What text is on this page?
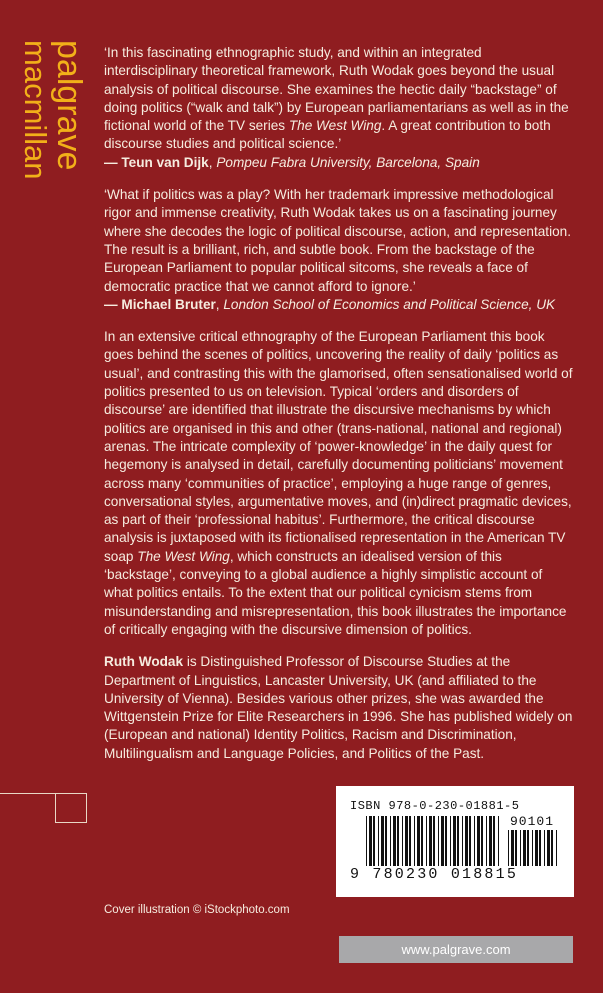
palgrave
macmillan	‘In this fascinating ethnographic study, and within an integrated interdisciplinary theoretical framework, Ruth Wodak goes beyond the usual analysis of political discourse. She examines the hectic daily “backstage” of doing politics (“walk and talk”) by European parliamentarians as well as in the fictional world of the TV series The West Wing. A great contribution to both discourse studies and political science.’
— Teun van Dijk, Pompeu Fabra University, Barcelona, Spain

‘What if politics was a play? With her trademark impressive methodological rigor and immense creativity, Ruth Wodak takes us on a fascinating journey where she decodes the logic of political discourse, action, and representation. The result is a brilliant, rich, and subtle book. From the backstage of the European Parliament to popular political sitcoms, she reveals a face of democratic practice that we cannot afford to ignore.’
— Michael Bruter, London School of Economics and Political Science, UK

In an extensive critical ethnography of the European Parliament this book goes behind the scenes of politics, uncovering the reality of daily ‘politics as usual’, and contrasting this with the glamorised, often sensationalised world of politics presented to us on television. Typical ‘orders and disorders of discourse’ are identified that illustrate the discursive mechanisms by which politics are organised in this and other (trans-national, national and regional) arenas. The intricate complexity of ‘power-knowledge’ in the daily quest for hegemony is analysed in detail, carefully documenting politicians’ movement across many ‘communities of practice’, employing a huge range of genres, conversational styles, argumentative moves, and (in)direct pragmatic devices, as part of their ‘professional habitus’. Furthermore, the critical discourse analysis is juxtaposed with its fictionalised representation in the American TV soap The West Wing, which constructs an idealised version of this ‘backstage’, conveying to a global audience a highly simplistic account of what politics entails. To the extent that our political cynicism stems from misunderstanding and misrepresentation, this book illustrates the importance of critically engaging with the discursive dimension of politics.

Ruth Wodak is Distinguished Professor of Discourse Studies at the Department of Linguistics, Lancaster University, UK (and affiliated to the University of Vienna). Besides various other prizes, she was awarded the Wittgenstein Prize for Elite Researchers in 1996. She has published widely on (European and national) Identity Politics, Racism and Discrimination, Multilingualism and Language Policies, and Politics of the Past.

ISBN 978-0-230-01881-5
90101
9 780230 018815
Cover illustration © iStockphoto.com
www.palgrave.com
